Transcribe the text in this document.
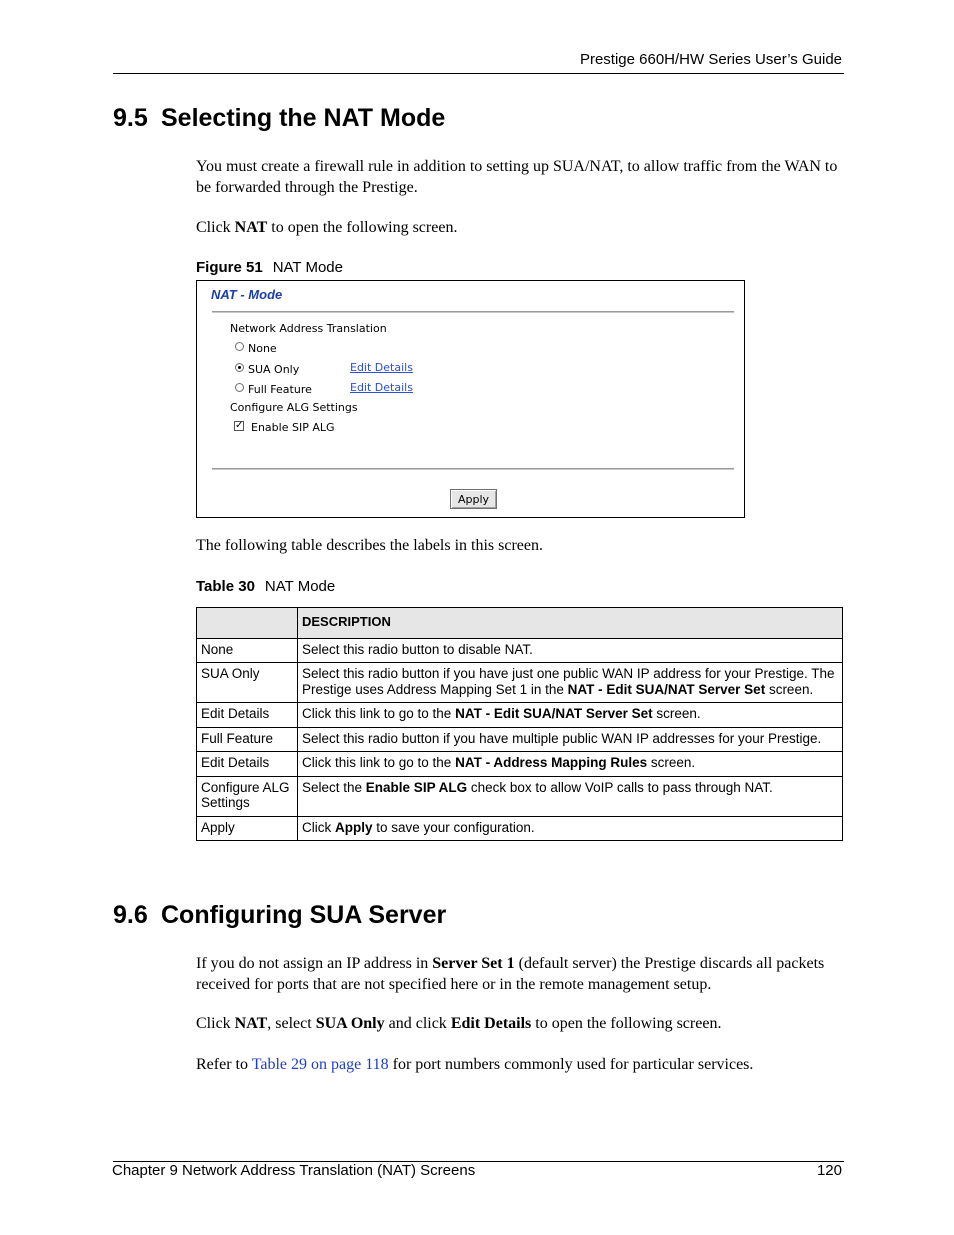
Prestige 660H/HW Series User’s Guide
9.5 Selecting the NAT Mode
You must create a firewall rule in addition to setting up SUA/NAT, to allow traffic from the WAN to be forwarded through the Prestige.
Click NAT to open the following screen.
Figure 51 NAT Mode
NAT - Mode
Network Address Translation
None
SUA Only	Edit Details
Full Feature	Edit Details
Configure ALG Settings
✓ Enable SIP ALG
Apply
The following table describes the labels in this screen.
Table 30 NAT Mode
	DESCRIPTION
None	Select this radio button to disable NAT.
SUA Only	Select this radio button if you have just one public WAN IP address for your Prestige. The Prestige uses Address Mapping Set 1 in the NAT - Edit SUA/NAT Server Set screen.
Edit Details	Click this link to go to the NAT - Edit SUA/NAT Server Set screen.
Full Feature	Select this radio button if you have multiple public WAN IP addresses for your Prestige.
Edit Details	Click this link to go to the NAT - Address Mapping Rules screen.
Configure ALG Settings	Select the Enable SIP ALG check box to allow VoIP calls to pass through NAT.
Apply	Click Apply to save your configuration.
9.6 Configuring SUA Server
If you do not assign an IP address in Server Set 1 (default server) the Prestige discards all packets received for ports that are not specified here or in the remote management setup.
Click NAT, select SUA Only and click Edit Details to open the following screen.
Refer to Table 29 on page 118 for port numbers commonly used for particular services.
Chapter 9 Network Address Translation (NAT) Screens	120
